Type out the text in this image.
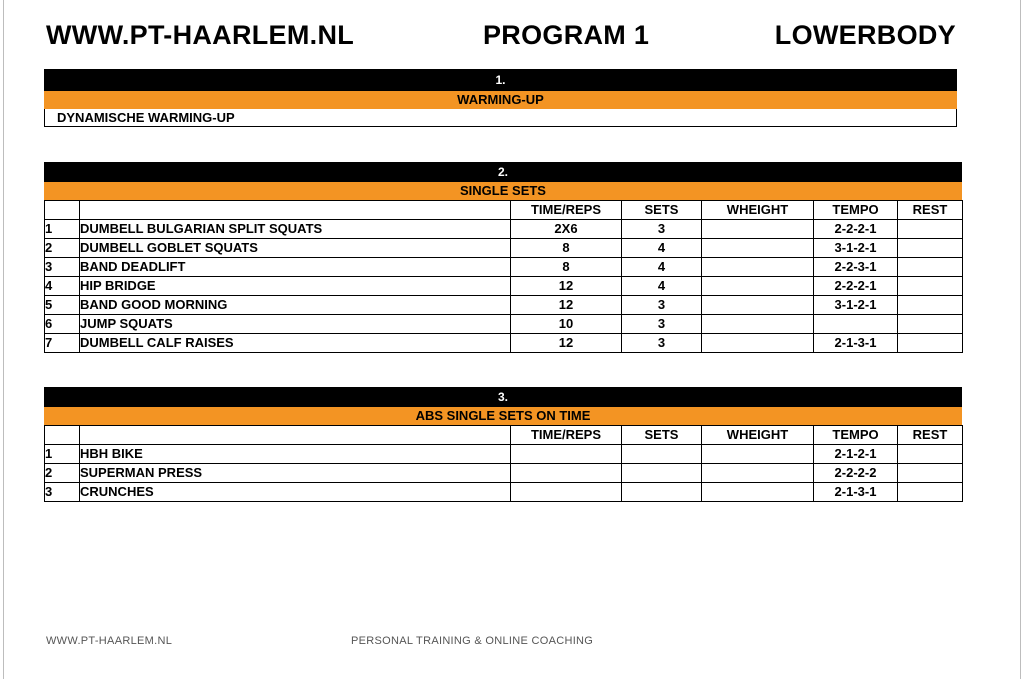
WWW.PT-HAARLEM.NL	PROGRAM 1	LOWERBODY
1.
WARMING-UP
DYNAMISCHE WARMING-UP
2.
SINGLE SETS
		TIME/REPS	SETS	WHEIGHT	TEMPO	REST
1	DUMBELL BULGARIAN SPLIT SQUATS	2X6	3		2-2-2-1	
2	DUMBELL GOBLET SQUATS	8	4		3-1-2-1	
3	BAND DEADLIFT	8	4		2-2-3-1	
4	HIP BRIDGE	12	4		2-2-2-1	
5	BAND GOOD MORNING	12	3		3-1-2-1	
6	JUMP SQUATS	10	3			
7	DUMBELL CALF RAISES	12	3		2-1-3-1	
3.
ABS SINGLE SETS ON TIME
		TIME/REPS	SETS	WHEIGHT	TEMPO	REST
1	HBH BIKE				2-1-2-1	
2	SUPERMAN PRESS				2-2-2-2	
3	CRUNCHES				2-1-3-1	
WWW.PT-HAARLEM.NL	PERSONAL TRAINING & ONLINE COACHING
